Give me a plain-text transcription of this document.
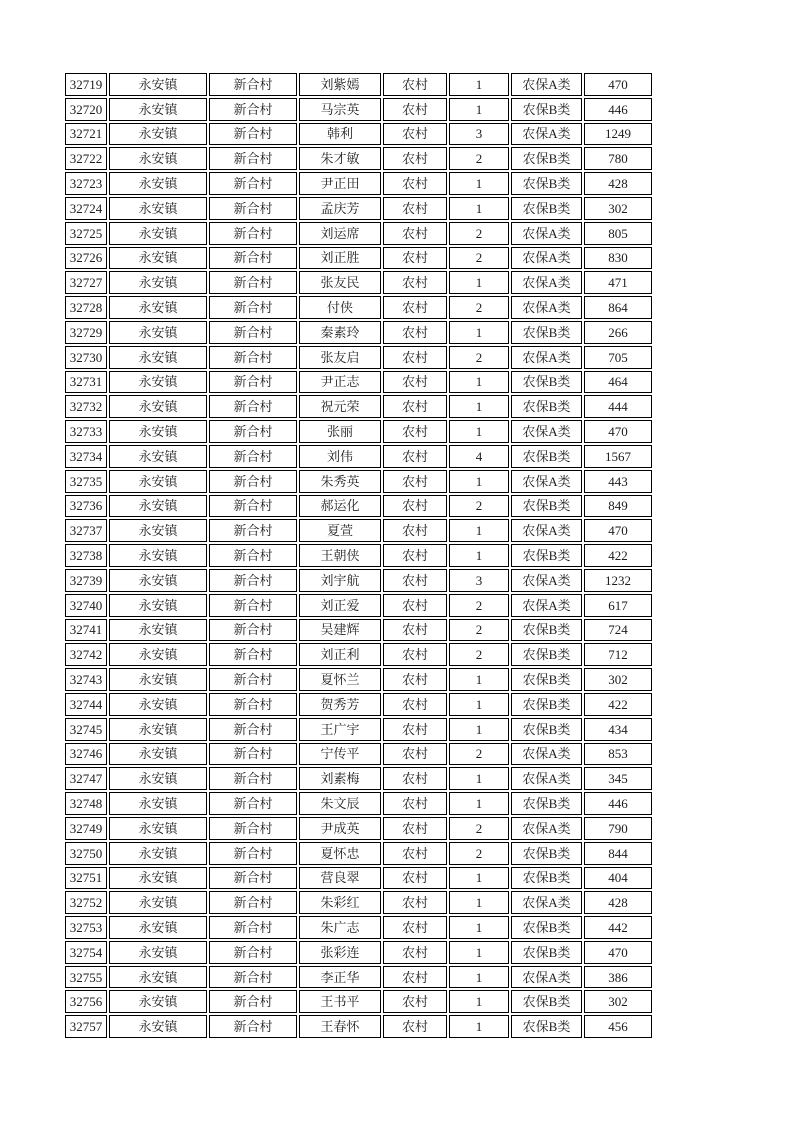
32719	永安镇	新合村	刘紫嫣	农村	1	农保A类	470
32720	永安镇	新合村	马宗英	农村	1	农保B类	446
32721	永安镇	新合村	韩利	农村	3	农保A类	1249
32722	永安镇	新合村	朱才敏	农村	2	农保B类	780
32723	永安镇	新合村	尹正田	农村	1	农保B类	428
32724	永安镇	新合村	孟庆芳	农村	1	农保B类	302
32725	永安镇	新合村	刘运席	农村	2	农保A类	805
32726	永安镇	新合村	刘正胜	农村	2	农保A类	830
32727	永安镇	新合村	张友民	农村	1	农保A类	471
32728	永安镇	新合村	付侠	农村	2	农保A类	864
32729	永安镇	新合村	秦素玲	农村	1	农保B类	266
32730	永安镇	新合村	张友启	农村	2	农保A类	705
32731	永安镇	新合村	尹正志	农村	1	农保B类	464
32732	永安镇	新合村	祝元荣	农村	1	农保B类	444
32733	永安镇	新合村	张丽	农村	1	农保A类	470
32734	永安镇	新合村	刘伟	农村	4	农保B类	1567
32735	永安镇	新合村	朱秀英	农村	1	农保A类	443
32736	永安镇	新合村	郝运化	农村	2	农保B类	849
32737	永安镇	新合村	夏萱	农村	1	农保A类	470
32738	永安镇	新合村	王朝侠	农村	1	农保B类	422
32739	永安镇	新合村	刘宇航	农村	3	农保A类	1232
32740	永安镇	新合村	刘正爱	农村	2	农保A类	617
32741	永安镇	新合村	吴建辉	农村	2	农保B类	724
32742	永安镇	新合村	刘正利	农村	2	农保B类	712
32743	永安镇	新合村	夏怀兰	农村	1	农保B类	302
32744	永安镇	新合村	贺秀芳	农村	1	农保B类	422
32745	永安镇	新合村	王广宇	农村	1	农保B类	434
32746	永安镇	新合村	宁传平	农村	2	农保A类	853
32747	永安镇	新合村	刘素梅	农村	1	农保A类	345
32748	永安镇	新合村	朱文辰	农村	1	农保B类	446
32749	永安镇	新合村	尹成英	农村	2	农保A类	790
32750	永安镇	新合村	夏怀忠	农村	2	农保B类	844
32751	永安镇	新合村	营良翠	农村	1	农保B类	404
32752	永安镇	新合村	朱彩红	农村	1	农保A类	428
32753	永安镇	新合村	朱广志	农村	1	农保B类	442
32754	永安镇	新合村	张彩连	农村	1	农保B类	470
32755	永安镇	新合村	李正华	农村	1	农保A类	386
32756	永安镇	新合村	王书平	农村	1	农保B类	302
32757	永安镇	新合村	王春怀	农村	1	农保B类	456
